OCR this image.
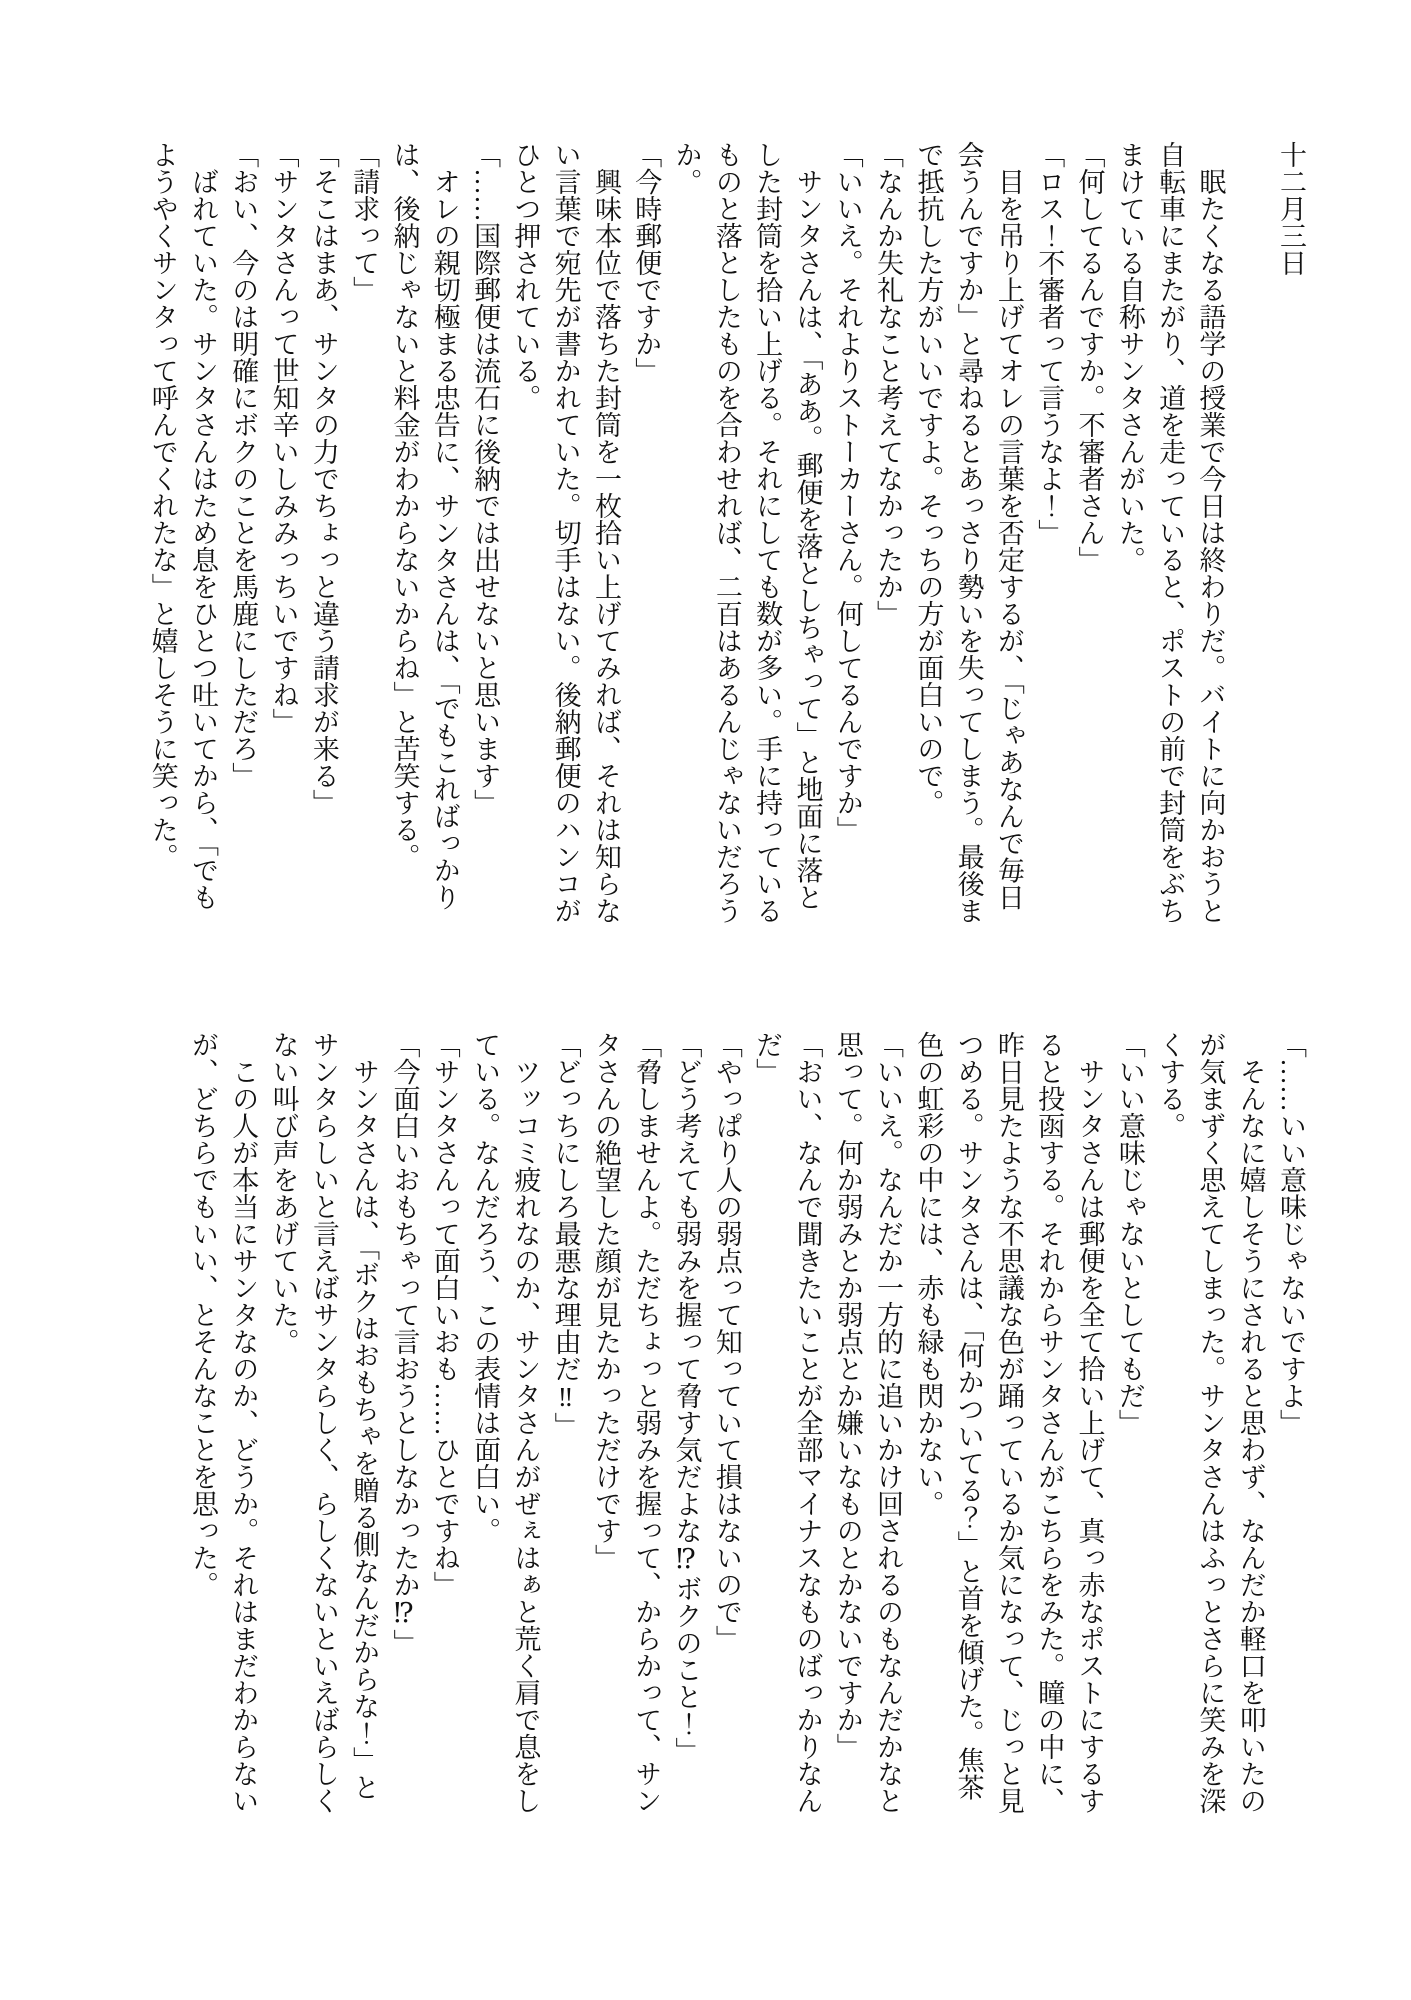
十二月三日

　眠たくなる語学の授業で今日は終わりだ。バイトに向かおうと

自転車にまたがり、道を走っていると、ポストの前で封筒をぶち

まけている自称サンタさんがいた。

「何してるんですか。不審者さん」

「ロス！不審者って言うなよ！」

　目を吊り上げてオレの言葉を否定するが、「じゃあなんで毎日

会うんですか」と尋ねるとあっさり勢いを失ってしまう。最後ま

で抵抗した方がいいですよ。そっちの方が面白いので。

「なんか失礼なこと考えてなかったか」

「いいえ。それよりストーカーさん。何してるんですか」

　サンタさんは、「ああ。郵便を落としちゃって」と地面に落と

した封筒を拾い上げる。それにしても数が多い。手に持っている

ものと落としたものを合わせれば、二百はあるんじゃないだろう

か。

「今時郵便ですか」

　興味本位で落ちた封筒を一枚拾い上げてみれば、それは知らな

い言葉で宛先が書かれていた。切手はない。後納郵便のハンコが

ひとつ押されている。

「……国際郵便は流石に後納では出せないと思います」

　オレの親切極まる忠告に、サンタさんは、「でもこればっかり

は、後納じゃないと料金がわからないからね」と苦笑する。

「請求って」

「そこはまあ、サンタの力でちょっと違う請求が来る」

「サンタさんって世知辛いしみみっちいですね」

「おい、今のは明確にボクのことを馬鹿にしただろ」

　ばれていた。サンタさんはため息をひとつ吐いてから、「でも

ようやくサンタって呼んでくれたな」と嬉しそうに笑った。

「……いい意味じゃないですよ」

　そんなに嬉しそうにされると思わず、なんだか軽口を叩いたの

が気まずく思えてしまった。サンタさんはふっとさらに笑みを深

くする。

「いい意味じゃないとしてもだ」

　サンタさんは郵便を全て拾い上げて、真っ赤なポストにするす

ると投函する。それからサンタさんがこちらをみた。瞳の中に、

昨日見たような不思議な色が踊っているか気になって、じっと見

つめる。サンタさんは、「何かついてる？」と首を傾げた。焦茶

色の虹彩の中には、赤も緑も閃かない。

「いいえ。なんだか一方的に追いかけ回されるのもなんだかなと

思って。何か弱みとか弱点とか嫌いなものとかないですか」

「おい、なんで聞きたいことが全部マイナスなものばっかりなん

だ」

「やっぱり人の弱点って知っていて損はないので」

「どう考えても弱みを握って脅す気だよな⁉ボクのこと！」

「脅しませんよ。ただちょっと弱みを握って、からかって、サン

タさんの絶望した顔が見たかっただけです」

「どっちにしろ最悪な理由だ‼」

　ツッコミ疲れなのか、サンタさんがぜぇはぁと荒く肩で息をし

ている。なんだろう、この表情は面白い。

「サンタさんって面白いおも……ひとですね」

「今面白いおもちゃって言おうとしなかったか⁉」

　サンタさんは、「ボクはおもちゃを贈る側なんだからな！」と

サンタらしいと言えばサンタらしく、らしくないといえばらしく

ない叫び声をあげていた。

　この人が本当にサンタなのか、どうか。それはまだわからない

が、どちらでもいい、とそんなことを思った。
